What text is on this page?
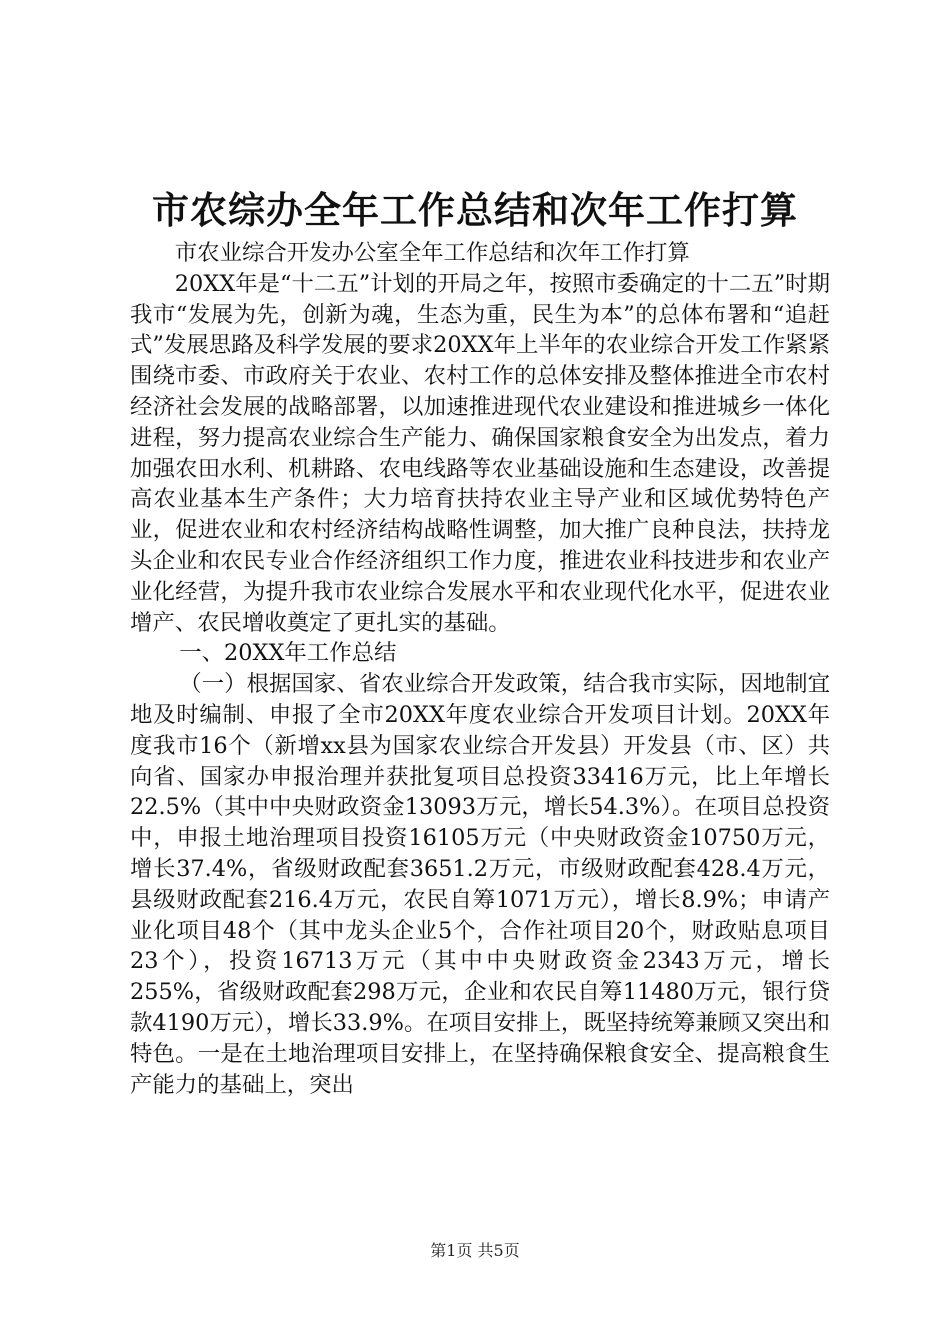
市农综办全年工作总结和次年工作打算

市农业综合开发办公室全年工作总结和次年工作打算

20XX年是“十二五”计划的开局之年，按照市委确定的十二五”时期我市“发展为先，创新为魂，生态为重，民生为本”的总体布署和“追赶式”发展思路及科学发展的要求20XX年上半年的农业综合开发工作紧紧围绕市委、市政府关于农业、农村工作的总体安排及整体推进全市农村经济社会发展的战略部署，以加速推进现代农业建设和推进城乡一体化进程，努力提高农业综合生产能力、确保国家粮食安全为出发点，着力加强农田水利、机耕路、农电线路等农业基础设施和生态建设，改善提高农业基本生产条件；大力培育扶持农业主导产业和区域优势特色产业，促进农业和农村经济结构战略性调整，加大推广良种良法，扶持龙头企业和农民专业合作经济组织工作力度，推进农业科技进步和农业产业化经营，为提升我市农业综合发展水平和农业现代化水平，促进农业增产、农民增收奠定了更扎实的基础。

一、20XX年工作总结

（一）根据国家、省农业综合开发政策，结合我市实际，因地制宜地及时编制、申报了全市20XX年度农业综合开发项目计划。20XX年度我市16个（新增xx县为国家农业综合开发县）开发县（市、区）共向省、国家办申报治理并获批复项目总投资33416万元，比上年增长22.5%（其中中央财政资金13093万元，增长54.3%）。在项目总投资中，申报土地治理项目投资16105万元（中央财政资金10750万元，增长37.4%，省级财政配套3651.2万元，市级财政配套428.4万元，县级财政配套216.4万元，农民自筹1071万元），增长8.9%；申请产业化项目48个（其中龙头企业5个，合作社项目20个，财政贴息项目23个），投资16713万元（其中中央财政资金2343万元，增长255%，省级财政配套298万元，企业和农民自筹11480万元，银行贷款4190万元），增长33.9%。在项目安排上，既坚持统筹兼顾又突出和特色。一是在土地治理项目安排上，在坚持确保粮食安全、提高粮食生产能力的基础上，突出

第1页 共5页
